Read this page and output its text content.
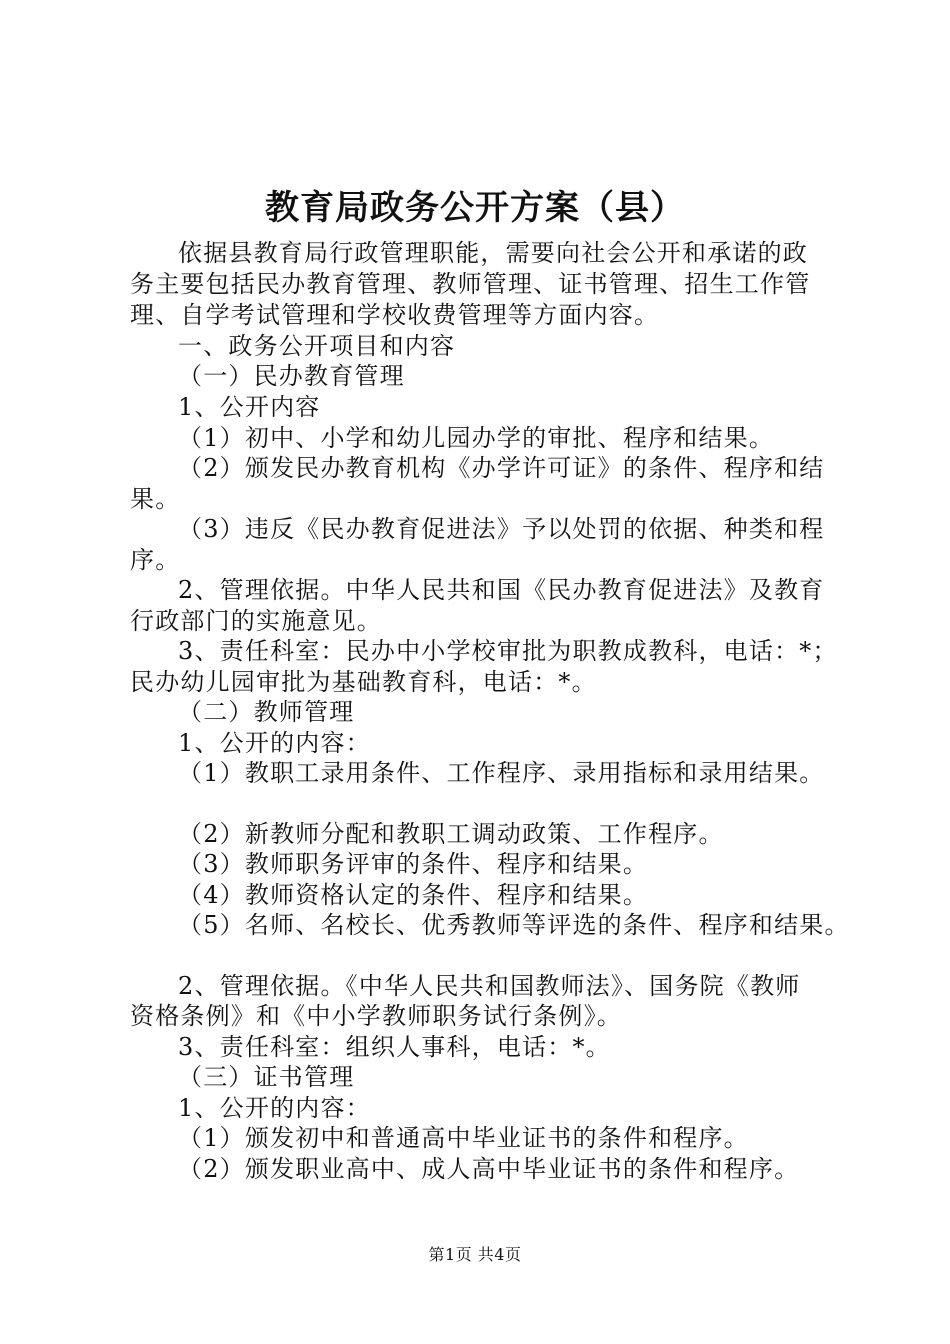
教育局政务公开方案（县）
依据县教育局行政管理职能，需要向社会公开和承诺的政
务主要包括民办教育管理、教师管理、证书管理、招生工作管
理、自学考试管理和学校收费管理等方面内容。
一、政务公开项目和内容
（一）民办教育管理
1、公开内容
（1）初中、小学和幼儿园办学的审批、程序和结果。
（2）颁发民办教育机构《办学许可证》的条件、程序和结
果。
（3）违反《民办教育促进法》予以处罚的依据、种类和程
序。
2、管理依据。中华人民共和国《民办教育促进法》及教育
行政部门的实施意见。
3、责任科室：民办中小学校审批为职教成教科，电话：*；
民办幼儿园审批为基础教育科，电话：*。
（二）教师管理
1、公开的内容：
（1）教职工录用条件、工作程序、录用指标和录用结果。
（2）新教师分配和教职工调动政策、工作程序。
（3）教师职务评审的条件、程序和结果。
（4）教师资格认定的条件、程序和结果。
（5）名师、名校长、优秀教师等评选的条件、程序和结果。
2、管理依据。《中华人民共和国教师法》、国务院《教师
资格条例》和《中小学教师职务试行条例》。
3、责任科室：组织人事科，电话：*。
（三）证书管理
1、公开的内容：
（1）颁发初中和普通高中毕业证书的条件和程序。
（2）颁发职业高中、成人高中毕业证书的条件和程序。
第1页 共4页
